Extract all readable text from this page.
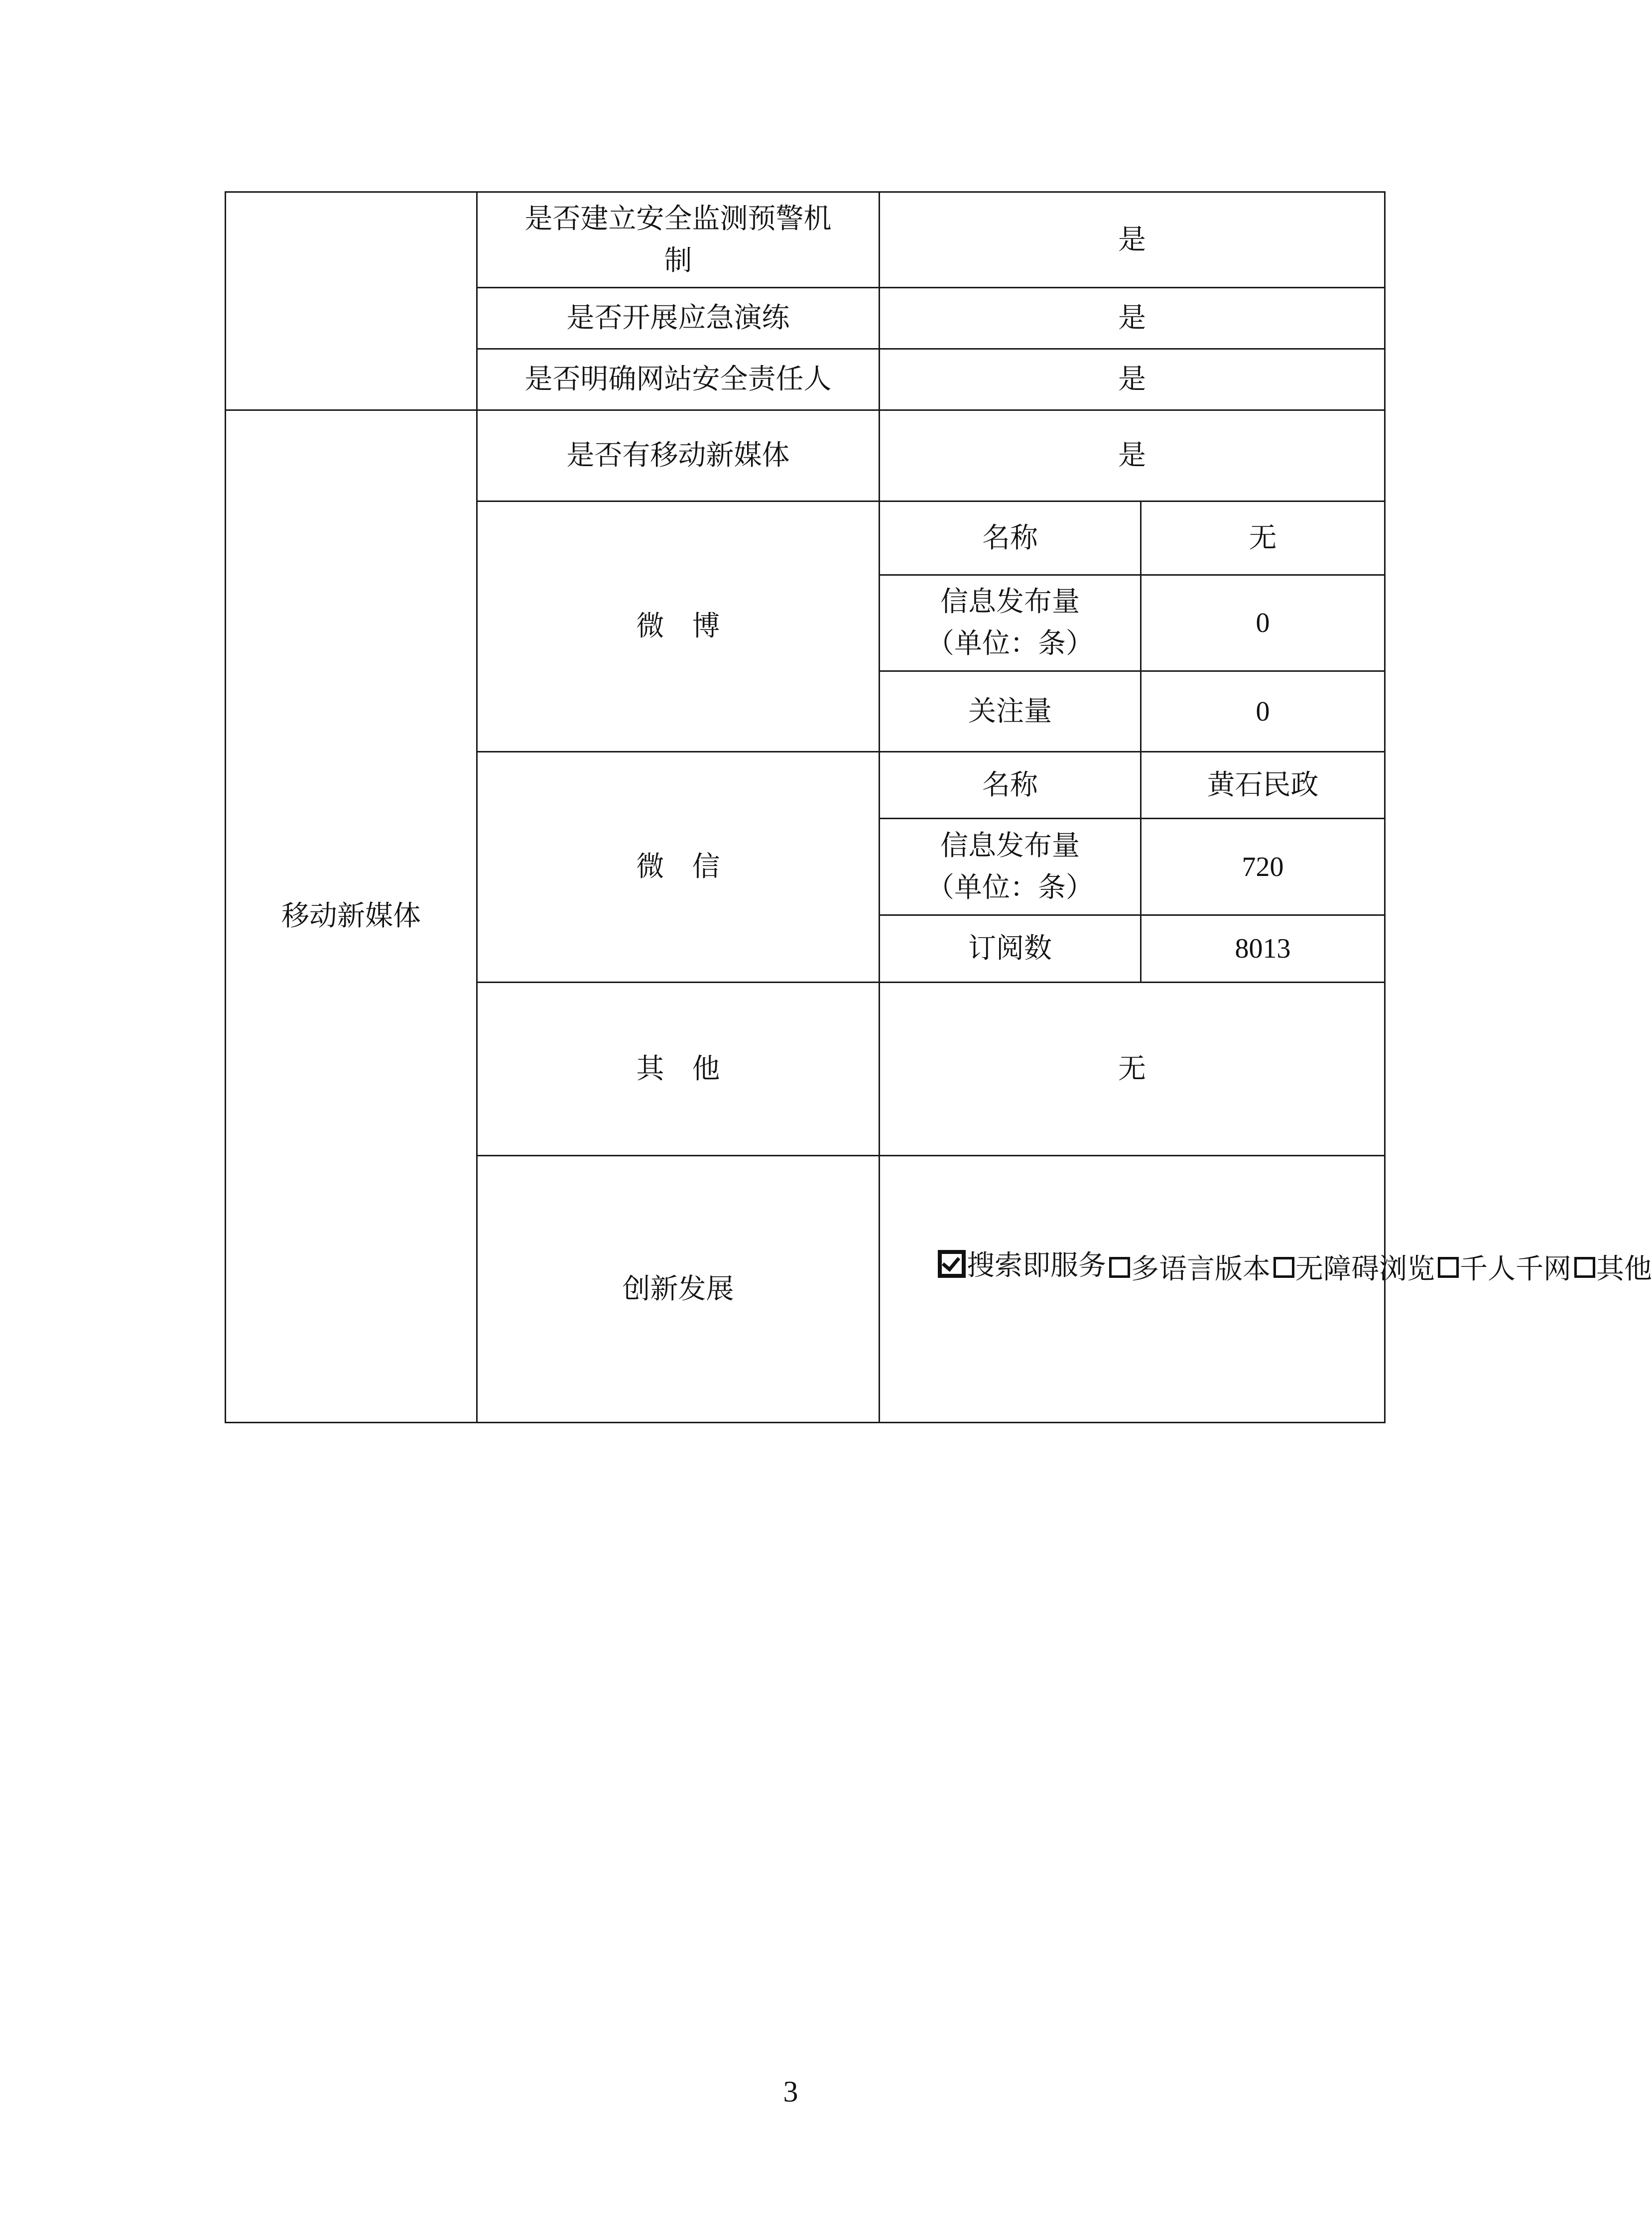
	是否建立安全监测预警机制	是	
	是否开展应急演练	是	
	是否明确网站安全责任人	是	
移动新媒体	是否有移动新媒体	是	
	微　博	名称	无

		信息发布量
（单位：条）	0
		关注量	0
	微　信	名称	黄石民政

		信息发布量
（单位：条）	720
		订阅数	8013
	其　他	无	
	创新发展	搜索即服务 多语言版本 无障碍浏览 千人千网 其他	
3
